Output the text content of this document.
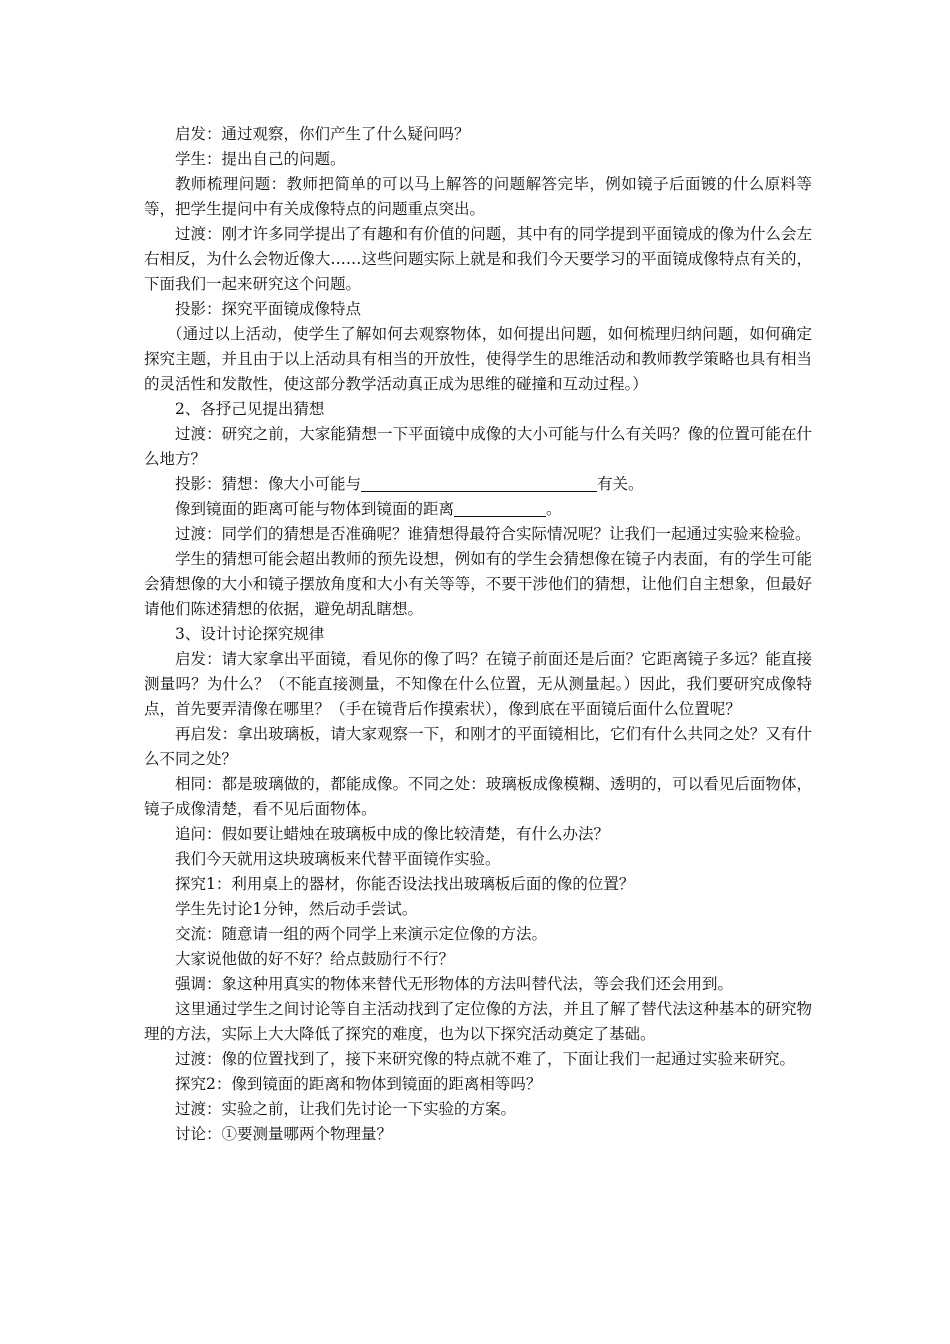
启发：通过观察，你们产生了什么疑问吗？

学生：提出自己的问题。

教师梳理问题：教师把简单的可以马上解答的问题解答完毕，例如镜子后面镀的什么原料等等，把学生提问中有关成像特点的问题重点突出。

过渡：刚才许多同学提出了有趣和有价值的问题，其中有的同学提到平面镜成的像为什么会左右相反，为什么会物近像大……这些问题实际上就是和我们今天要学习的平面镜成像特点有关的，下面我们一起来研究这个问题。

投影：探究平面镜成像特点

（通过以上活动，使学生了解如何去观察物体，如何提出问题，如何梳理归纳问题，如何确定探究主题，并且由于以上活动具有相当的开放性，使得学生的思维活动和教师教学策略也具有相当的灵活性和发散性，使这部分教学活动真正成为思维的碰撞和互动过程。）

2、各抒己见提出猜想

过渡：研究之前，大家能猜想一下平面镜中成像的大小可能与什么有关吗？像的位置可能在什么地方？

投影：猜想：像大小可能与	有关。

像到镜面的距离可能与物体到镜面的距离	。

过渡：同学们的猜想是否准确呢？谁猜想得最符合实际情况呢？让我们一起通过实验来检验。

学生的猜想可能会超出教师的预先设想，例如有的学生会猜想像在镜子内表面，有的学生可能会猜想像的大小和镜子摆放角度和大小有关等等，不要干涉他们的猜想，让他们自主想象，但最好请他们陈述猜想的依据，避免胡乱瞎想。

3、设计讨论探究规律

启发：请大家拿出平面镜，看见你的像了吗？在镜子前面还是后面？它距离镜子多远？能直接测量吗？为什么？（不能直接测量，不知像在什么位置，无从测量起。）因此，我们要研究成像特点，首先要弄清像在哪里？（手在镜背后作摸索状），像到底在平面镜后面什么位置呢？

再启发：拿出玻璃板，请大家观察一下，和刚才的平面镜相比，它们有什么共同之处？又有什么不同之处？

相同：都是玻璃做的，都能成像。不同之处：玻璃板成像模糊、透明的，可以看见后面物体，镜子成像清楚，看不见后面物体。

追问：假如要让蜡烛在玻璃板中成的像比较清楚，有什么办法？

我们今天就用这块玻璃板来代替平面镜作实验。

探究1：利用桌上的器材，你能否设法找出玻璃板后面的像的位置？

学生先讨论1分钟，然后动手尝试。

交流：随意请一组的两个同学上来演示定位像的方法。

大家说他做的好不好？给点鼓励行不行？

强调：象这种用真实的物体来替代无形物体的方法叫替代法，等会我们还会用到。

这里通过学生之间讨论等自主活动找到了定位像的方法，并且了解了替代法这种基本的研究物理的方法，实际上大大降低了探究的难度，也为以下探究活动奠定了基础。

过渡：像的位置找到了，接下来研究像的特点就不难了，下面让我们一起通过实验来研究。

探究2：像到镜面的距离和物体到镜面的距离相等吗？

过渡：实验之前，让我们先讨论一下实验的方案。

讨论：①要测量哪两个物理量？
